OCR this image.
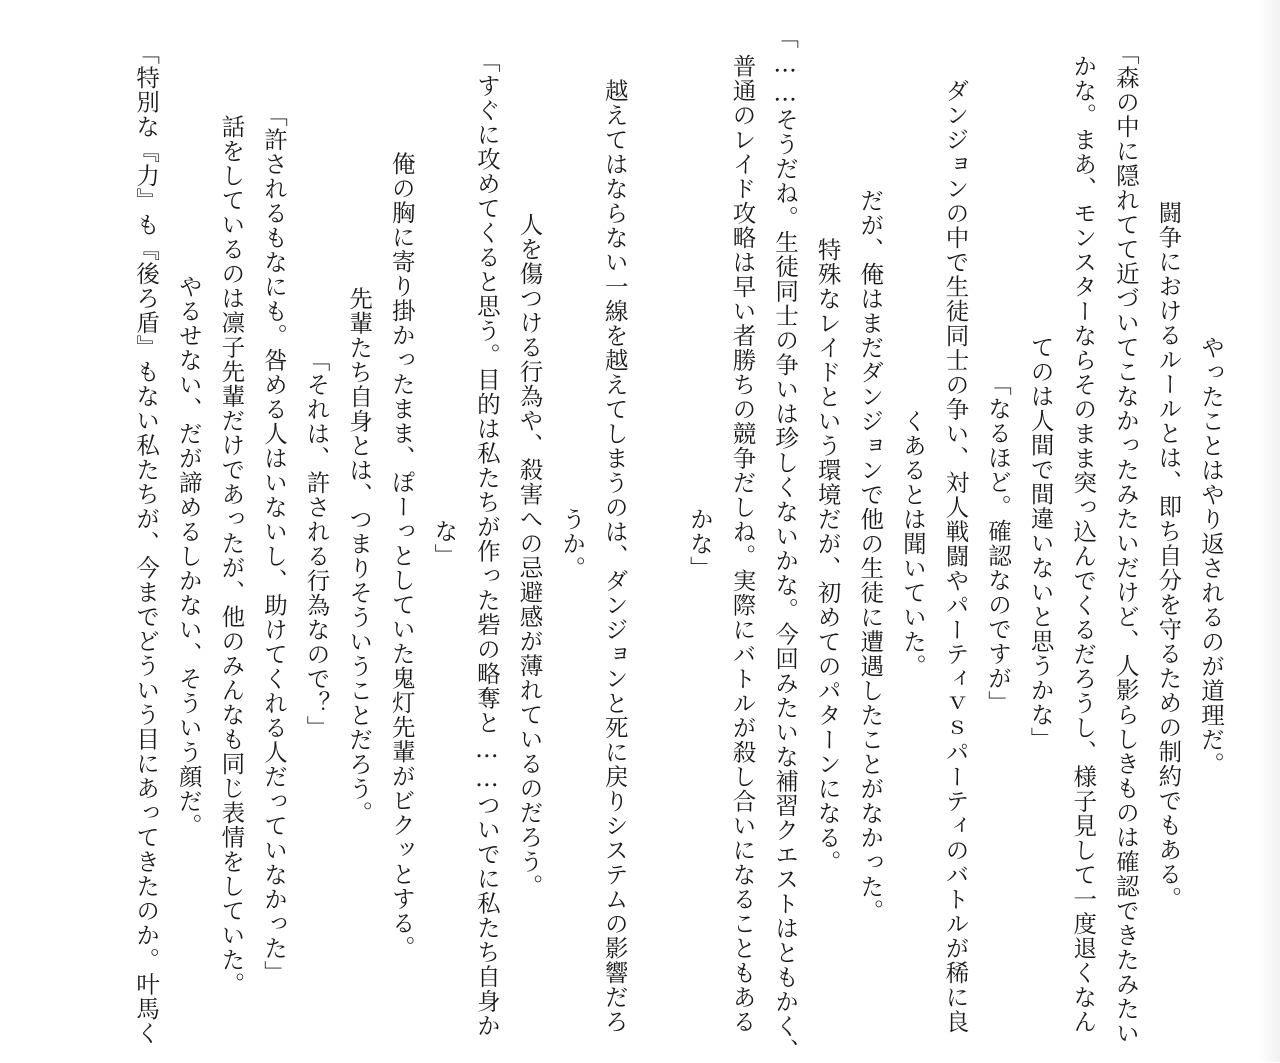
　やったことはやり返されるのが道理だ。
　闘争におけるルールとは、即ち自分を守るための制約でもある。
「森の中に隠れてて近づいてこなかったみたいだけど、人影らしきものは確認できたみたい
かな。まあ、モンスターならそのまま突っ込んでくるだろうし、様子見して一度退くなん
てのは人間で間違いないと思うかな」
「なるほど。確認なのですが」
　ダンジョンの中で生徒同士の争い、対人戦闘やパーティｖｓパーティのバトルが稀に良
くあるとは聞いていた。
　だが、俺はまだダンジョンで他の生徒に遭遇したことがなかった。
　特殊なレイドという環境だが、初めてのパターンになる。
「……そうだね。生徒同士の争いは珍しくないかな。今回みたいな補習クエストはともかく、
普通のレイド攻略は早い者勝ちの競争だしね。実際にバトルが殺し合いになることもある
かな」
　越えてはならない一線を越えてしまうのは、ダンジョンと死に戻りシステムの影響だろ
うか。
　人を傷つける行為や、殺害への忌避感が薄れているのだろう。
「すぐに攻めてくると思う。目的は私たちが作った砦の略奪と……ついでに私たち自身か
な」
　俺の胸に寄り掛かったまま、ぽーっとしていた鬼灯先輩がビクッとする。
　先輩たち自身とは、つまりそういうことだろう。
「それは、許される行為なので？」
「許されるもなにも。咎める人はいないし、助けてくれる人だっていなかった」
　話をしているのは凛子先輩だけであったが、他のみんなも同じ表情をしていた。
　やるせない、だが諦めるしかない、そういう顔だ。
「特別な『力』も『後ろ盾』もない私たちが、今までどういう目にあってきたのか。叶馬く
